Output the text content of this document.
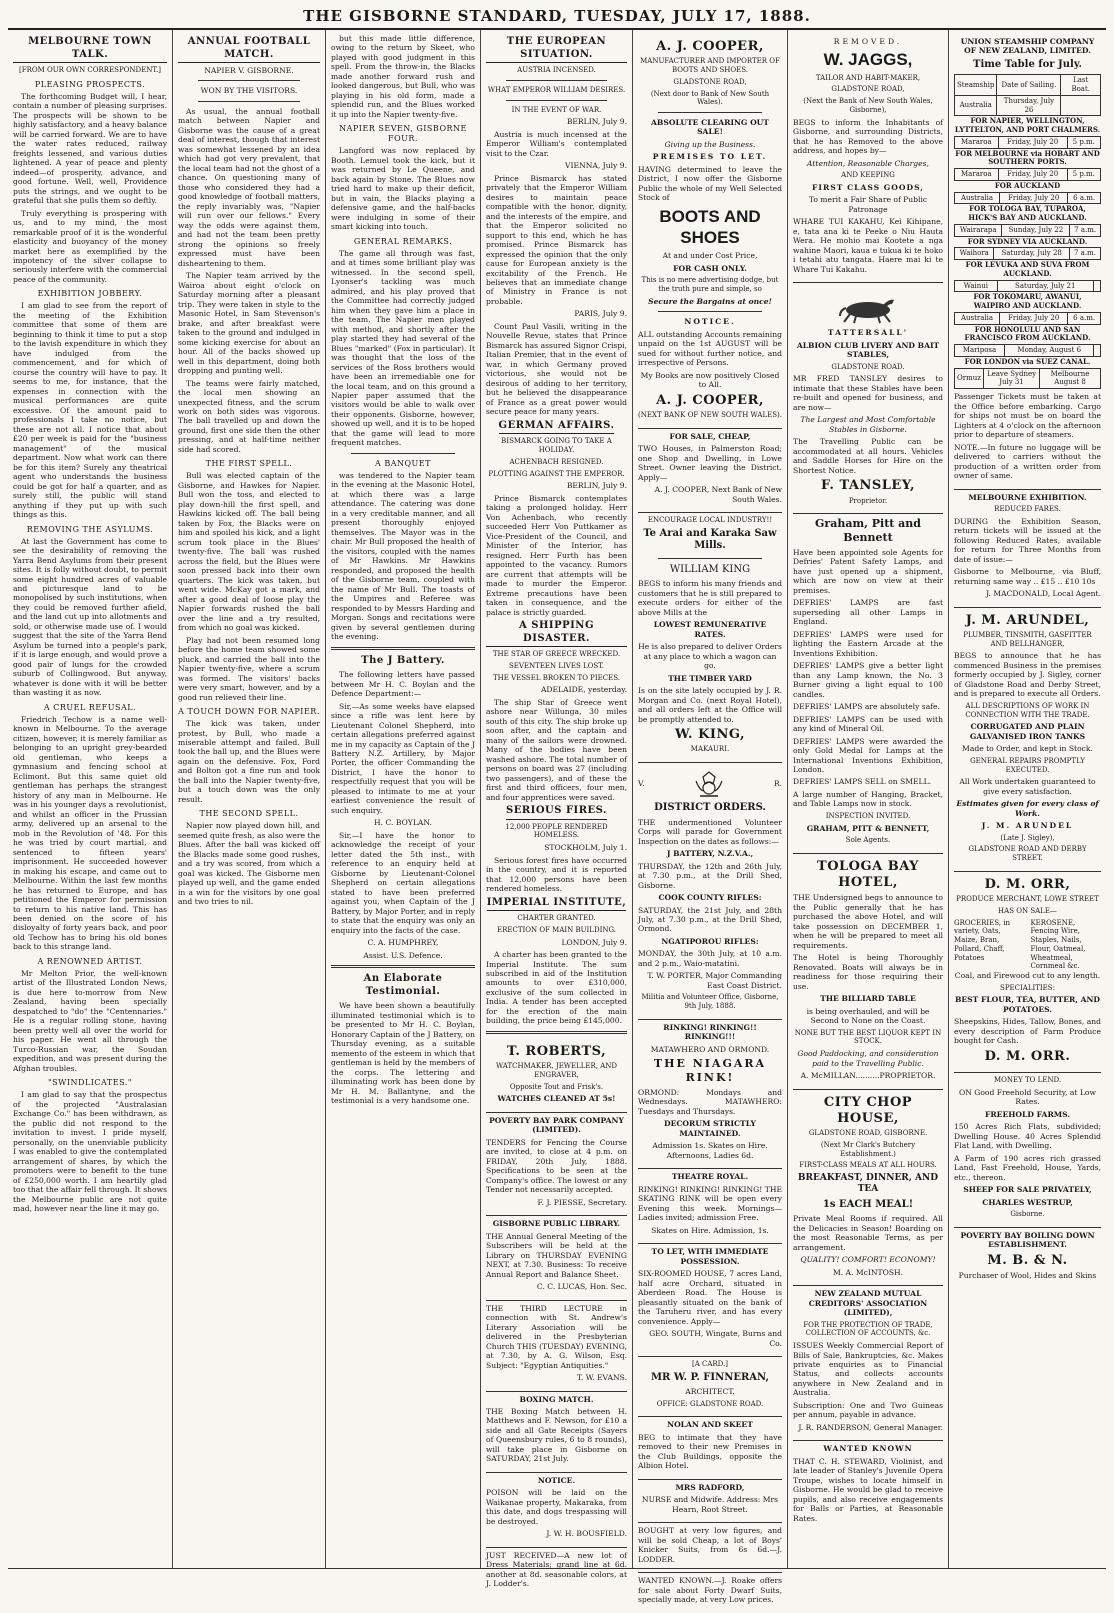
THE GISBORNE STANDARD, TUESDAY, JULY 17, 1888.
MELBOURNE TOWN TALK.

[FROM OUR OWN CORRESPONDENT.]

PLEASING PROSPECTS.

The forthcoming Budget will, I hear, contain a number of pleasing surprises. The prospects will be shown to be highly satisfactory, and a heavy balance will be carried forward. We are to have the water rates reduced, railway freights lessened, and various duties lightened. A year of peace and plenty indeed—of prosperity, advance, and good fortune. Well, well, Providence puts the strings, and we ought to be grateful that she pulls them so deftly.

Truly everything is prospering with us, and to my mind, the most remarkable proof of it is the wonderful elasticity and buoyancy of the money market here as exemplified by the impotency of the silver collapse to seriously interfere with the commercial peace of the community.

EXHIBITION JOBBERY.

I am glad to see from the report of the meeting of the Exhibition committee that some of them are beginning to think it time to put a stop to the lavish expenditure in which they have indulged from the commencement, and for which of course the country will have to pay. It seems to me, for instance, that the expenses in connection with the musical performances are quite excessive. Of the amount paid to professionals I take no notice, but these are not all. I notice that about £20 per week is paid for the "business management" of the musical department. Now what work can there be for this item? Surely any theatrical agent who understands the business could be got for half a quarter, and as surely still, the public will stand anything if they put up with such things as this.

REMOVING THE ASYLUMS.

At last the Government has come to see the desirability of removing the Yarra Bend Asylums from their present sites. It is folly without doubt, to permit some eight hundred acres of valuable and picturesque land to be monopolised by such institutions, when they could be removed further afield, and the land cut up into allotments and sold, or otherwise made use of. I would suggest that the site of the Yarra Bend Asylum be turned into a people's park, if it is large enough, and would prove a good pair of lungs for the crowded suburb of Collingwood. But anyway, whatever is done with it will be better than wasting it as now.

A CRUEL REFUSAL.

Friedrich Techow is a name well-known in Melbourne. To the average citizen, however, it is merely familiar as belonging to an upright grey-bearded old gentleman, who keeps a gymnasium and fencing school at Eclimont. But this same quiet old gentleman has perhaps the strangest history of any man in Melbourne. He was in his younger days a revolutionist, and whilst an officer in the Prussian army, delivered up an arsenal to the mob in the Revolution of '48. For this he was tried by court martial, and sentenced to fifteen years' imprisonment. He succeeded however in making his escape, and came out to Melbourne. Within the last few months he has returned to Europe, and has petitioned the Emperor for permission to return to his native land. This has been denied on the score of his disloyalty of forty years back, and poor old Techow has to bring his old bones back to this strange land.

A RENOWNED ARTIST.

Mr Melton Prior, the well-known artist of the Illustrated London News, is due here to-morrow from New Zealand, having been specially despatched to "do" the "Centennaries." He is a regular rolling stone, having been pretty well all over the world for his paper. He went all through the Turco-Russian war, the Soudan expedition, and was present during the Afghan troubles.

"SWINDLICATES."

I am glad to say that the prospectus of the projected "Australasian Exchange Co." has been withdrawn, as the public did not respond to the invitation to invest. I pride myself, personally, on the unenviable publicity I was enabled to give the contemplated arrangement of shares, by which the promoters were to benefit to the tune of £250,000 worth. I am heartily glad too that the affair fell through. It shows the Melbourne public are not quite mad, however near the line it may go.

ANNUAL FOOTBALL MATCH.

NAPIER V. GISBORNE.

WON BY THE VISITORS.

As usual, the annual football match between Napier and Gisborne was the cause of a great deal of interest, though that interest was somewhat lessened by an idea which had got very prevalent, that the local team had not the ghost of a chance. On questioning many of those who considered they had a good knowledge of football matters, the reply invariably was, "Napier will run over our fellows." Every way the odds were against them, and had not the team been pretty strong the opinions so freely expressed must have been disheartening to them.

The Napier team arrived by the Wairoa about eight o'clock on Saturday morning after a pleasant trip. They were taken in style to the Masonic Hotel, in Sam Stevenson's brake, and after breakfast were taken to the ground and indulged in some kicking exercise for about an hour. All of the backs showed up well in this department, doing both dropping and punting well.

The teams were fairly matched, the local men showing an unexpected fitness, and the scrum work on both sides was vigorous. The ball travelled up and down the ground, first one side then the other pressing, and at half-time neither side had scored.

THE FIRST SPELL.

Bull was elected captain of the Gisborne, and Hawkes for Napier. Bull won the toss, and elected to play down-hill the first spell, and Hawkins kicked off. The ball being taken by Fox, the Blacks were on him and spoiled his kick, and a light scrum took place in the Blues' twenty-five. The ball was rushed across the field, but the Blues were soon pressed back into their own quarters. The kick was taken, but went wide. McKay got a mark, and after a good deal of loose play the Napier forwards rushed the ball over the line and a try resulted, from which no goal was kicked.

Play had not been resumed long before the home team showed some pluck, and carried the ball into the Napier twenty-five, where a scrum was formed. The visitors' backs were very smart, however, and by a good run relieved their line.

A TOUCH DOWN FOR NAPIER.

The kick was taken, under protest, by Bull, who made a miserable attempt and failed. Bull took the ball up, and the Blues were again on the defensive. Fox, Ford and Bolton got a fine run and took the ball into the Napier twenty-five, but a touch down was the only result.

THE SECOND SPELL.

Napier now played down hill, and seemed quite fresh, as also were the Blues. After the ball was kicked off the Blacks made some good rushes, and a try was scored, from which a goal was kicked. The Gisborne men played up well, and the game ended in a win for the visitors by one goal and two tries to nil.

but this made little difference, owing to the return by Skeet, who played with good judgment in this spell. From the throw-in, the Blacks made another forward rush and looked dangerous, but Bull, who was playing in his old form, made a splendid run, and the Blues worked it up into the Napier twenty-five.

NAPIER SEVEN, GISBORNE FOUR.

Langford was now replaced by Booth. Lemuel took the kick, but it was returned by Le Queene, and back again by Stone. The Blues now tried hard to make up their deficit, but in vain, the Blacks playing a defensive game, and the half-backs were indulging in some of their smart kicking into touch.

GENERAL REMARKS.

The game all through was fast, and at times some brilliant play was witnessed. In the second spell, Lyonser's tackling was much admired, and his play proved that the Committee had correctly judged him when they gave him a place in the team. The Napier men played with method, and shortly after the play started they had several of the Blues "marked" (Fox in particular). It was thought that the loss of the services of the Ross brothers would have been an irremediable one for the local team, and on this ground a Napier paper assumed that the visitors would be able to walk over their opponents. Gisborne, however, showed up well, and it is to be hoped that the game will lead to more frequent matches.

A BANQUET

was tendered to the Napier team in the evening at the Masonic Hotel, at which there was a large attendance. The catering was done in a very creditable manner, and all present thoroughly enjoyed themselves. The Mayor was in the chair. Mr Bull proposed the health of the visitors, coupled with the names of Mr Hawkins. Mr Hawkins responded, and proposed the health of the Gisborne team, coupled with the name of Mr Bull. The toasts of the Umpires and Referee was responded to by Messrs Harding and Morgan. Songs and recitations were given by several gentlemen during the evening.

The J Battery.

The following letters have passed between Mr H. C. Boylan and the Defence Department:—

Sir,—As some weeks have elapsed since a rifle was lent here by Lieutenant Colonel Shepherd, into certain allegations preferred against me in my capacity as Captain of the J Battery N.Z. Artillery, by Major Porter, the officer Commanding the District, I have the honor to respectfully request that you will be pleased to intimate to me at your earliest convenience the result of such enquiry.

H. C. BOYLAN.

Sir,—I have the honor to acknowledge the receipt of your letter dated the 5th inst., with reference to an enquiry held at Gisborne by Lieutenant-Colonel Shepherd on certain allegations stated to have been preferred against you, when Captain of the J Battery, by Major Porter, and in reply to state that the enquiry was only an enquiry into the facts of the case.

C. A. HUMPHREY,

Assist. U.S. Defence.

An Elaborate Testimonial.

We have been shown a beautifully illuminated testimonial which is to be presented to Mr H. C. Boylan, Honorary Captain of the J Battery, on Thursday evening, as a suitable memento of the esteem in which that gentleman is held by the members of the corps. The lettering and illuminating work has been done by Mr H. M. Ballantyne, and the testimonial is a very handsome one.

THE EUROPEAN SITUATION.

AUSTRIA INCENSED.

WHAT EMPEROR WILLIAM DESIRES.

IN THE EVENT OF WAR.

BERLIN, July 9.

Austria is much incensed at the Emperor William's contemplated visit to the Czar.

VIENNA, July 9.

Prince Bismarck has stated privately that the Emperor William desires to maintain peace compatible with the honor, dignity, and the interests of the empire, and that the Emperor solicited no support to this end, which he has promised. Prince Bismarck has expressed the opinion that the only cause for European anxiety is the excitability of the French. He believes that an immediate change of Ministry in France is not probable.

PARIS, July 9.

Count Paul Vasili, writing in the Nouvelle Revue, states that Prince Bismarck has assured Signor Crispi, Italian Premier, that in the event of war, in which Germany proved victorious, she would not be desirous of adding to her territory, but he believed the disappearance of France as a great power would secure peace for many years.

GERMAN AFFAIRS.

BISMARCK GOING TO TAKE A HOLIDAY.

ACHENBACH RESIGNED.

PLOTTING AGAINST THE EMPEROR.

BERLIN, July 9.

Prince Bismarck contemplates taking a prolonged holiday. Herr Von Achenbach, who recently succeeded Herr Von Puttkamer as Vice-President of the Council, and Minister of the Interior, has resigned. Herr Furth has been appointed to the vacancy. Rumors are current that attempts will be made to murder the Emperor. Extreme precautions have been taken in consequence, and the palace is strictly guarded.

A SHIPPING DISASTER.

THE STAR OF GREECE WRECKED.

SEVENTEEN LIVES LOST.

THE VESSEL BROKEN TO PIECES.

ADELAIDE, yesterday.

The ship Star of Greece went ashore near Willunga, 30 miles south of this city. The ship broke up soon after, and the captain and many of the sailors were drowned. Many of the bodies have been washed ashore. The total number of persons on board was 27 (including two passengers), and of these the first and third officers, four men, and four apprentices were saved.

SERIOUS FIRES.

12,000 PEOPLE RENDERED HOMELESS.

STOCKHOLM, July 1.

Serious forest fires have occurred in the country, and it is reported that 12,000 persons have been rendered homeless.

IMPERIAL INSTITUTE,

CHARTER GRANTED.

ERECTION OF MAIN BUILDING.

LONDON, July 9.

A charter has been granted to the Imperial Institute. The sum subscribed in aid of the Institution amounts to over £310,000, exclusive of the sum collected in India. A tender has been accepted for the erection of the main building, the price being £145,000.

T. ROBERTS,

WATCHMAKER, JEWELLER, AND ENGRAVER,

Opposite Tout and Frisk's.

WATCHES CLEANED AT 5s!

POVERTY BAY PARK COMPANY (LIMITED).

TENDERS for Fencing the Course are invited, to close at 4 p.m. on FRIDAY, 20th July, 1888. Specifications to be seen at the Company's office. The lowest or any Tender not necessarily accepted.

F. J. PIESSE, Secretary.

GISBORNE PUBLIC LIBRARY.

THE Annual General Meeting of the Subscribers will be held at the Library on THURSDAY EVENING NEXT, at 7.30. Business: To receive Annual Report and Balance Sheet.

C. C. LUCAS, Hon. Sec.

THE THIRD LECTURE in connection with St. Andrew's Literary Association will be delivered in the Presbyterian Church THIS (TUESDAY) EVENING, at 7.30, by A. G. Wilson, Esq. Subject: "Egyptian Antiquities."

T. W. EVANS.

BOXING MATCH.

THE Boxing Match between H. Matthews and F. Newson, for £10 a side and all Gate Receipts (Sayers of Queensbury rules, 6 to 8 rounds), will take place in Gisborne on SATURDAY, 21st July.

NOTICE.

POISON will be laid on the Waikanae property, Makaraka, from this date, and dogs trespassing will be destroyed.

J. W. H. BOUSFIELD.

JUST RECEIVED—A new lot of Dress Materials; grand line at 6d. another at 8d. seasonable colors, at J. Lodder's.

A. J. COOPER,

MANUFACTURER AND IMPORTER OF BOOTS AND SHOES.

GLADSTONE ROAD,

(Next door to Bank of New South Wales).

ABSOLUTE CLEARING OUT SALE!

Giving up the Business.

PREMISES TO LET.

HAVING determined to leave the District, I now offer the Gisborne Public the whole of my Well Selected Stock of

BOOTS AND SHOES

At and under Cost Price,

FOR CASH ONLY.

This is no mere advertising dodge, but the truth pure and simple, so

Secure the Bargains at once!

NOTICE.

ALL outstanding Accounts remaining unpaid on the 1st AUGUST will be sued for without further notice, and irrespective of Persons.

My Books are now positively Closed to All.

A. J. COOPER,

(NEXT BANK OF NEW SOUTH WALES).

FOR SALE, CHEAP,

TWO Houses, in Palmerston Road; one Shop and Dwelling, in Lowe Street. Owner leaving the District. Apply—

A. J. COOPER, Next Bank of New South Wales.

ENCOURAGE LOCAL INDUSTRY!!

Te Arai and Karaka Saw Mills.

WILLIAM KING

BEGS to inform his many friends and customers that he is still prepared to execute orders for either of the above Mills at the

LOWEST REMUNERATIVE RATES.

He is also prepared to deliver Orders at any place to which a wagon can go.

THE TIMBER YARD

Is on the site lately occupied by J. R. Morgan and Co. (next Royal Hotel), and all orders left at the Office will be promptly attended to.

W. KING,

MAKAURI.

V.	R.

DISTRICT ORDERS.

THE undermentioned Volunteer Corps will parade for Government Inspection on the dates as follows:—

J BATTERY, N.Z.V.A.,

THURSDAY, the 12th and 26th July, at 7.30 p.m., at the Drill Shed, Gisborne.

COOK COUNTY RIFLES:

SATURDAY, the 21st July, and 28th July, at 7.30 p.m., at the Drill Shed, Ormond.

NGATIPOROU RIFLES:

MONDAY, the 30th July, at 10 a.m. and 2 p.m., Waio-matatini.

T. W. PORTER, Major Commanding East Coast District.

Militia and Volunteer Office, Gisborne, 9th July, 1888.

RINKING! RINKING!! RINKING!!!

MATAWHERO AND ORMOND.

THE NIAGARA RINK!

ORMOND: Mondays and Wednesdays. MATAWHERO: Tuesdays and Thursdays.

DECORUM STRICTLY MAINTAINED.

Admission 1s. Skates on Hire. Afternoons, Ladies 6d.

THEATRE ROYAL.

RINKING! RINKING! RINKING! THE SKATING RINK will be open every Evening this week. Mornings—Ladies invited; admission Free.

Skates on Hire. Admission, 1s.

TO LET, WITH IMMEDIATE POSSESSION.

SIX-ROOMED HOUSE, 7 acres Land, half acre Orchard, situated in Aberdeen Road. The House is pleasantly situated on the bank of the Taruheru river, and has every convenience. Apply—

GEO. SOUTH, Wingate, Burns and Co.

[A CARD.]

MR W. P. FINNERAN,

ARCHITECT,

OFFICE: GLADSTONE ROAD.

NOLAN AND SKEET

BEG to intimate that they have removed to their new Premises in the Club Buildings, opposite the Albion Hotel.

MRS RADFORD,

NURSE and Midwife. Address: Mrs Hearn, Root Street.

BOUGHT at very low figures, and will be sold Cheap, a lot of Boys' Knicker Suits, from 6s 6d.—J. LODDER.

WANTED KNOWN.—J. Roake offers for sale about Forty Dwarf Suits, specially made, at very Low prices.

REMOVED.

W. JAGGS,

TAILOR AND HABIT-MAKER,

GLADSTONE ROAD,

(Next the Bank of New South Wales, Gisborne),

BEGS to inform the Inhabitants of Gisborne, and surrounding Districts, that he has Removed to the above address, and hopes by—

Attention, Reasonable Charges,

AND KEEPING

FIRST CLASS GOODS,

To merit a Fair Share of Public Patronage

WHARE TUI KAKAHU, Kei Kihipane, e, tata ana ki te Peeke o Niu Hauta Wera. He mohio mai Kootete a nga wahine Maori, kaua e tukua ki te hoko i tetahi atu tangata. Haere mai ki te Whare Tui Kakahu.

TATTERSALL'

ALBION CLUB LIVERY AND BAIT STABLES,

GLADSTONE ROAD.

MR FRED TANSLEY desires to intimate that these Stables have been re-built and opened for business, and are now—

The Largest and Most Comfortable Stables in Gisborne.

The Travelling Public can be accommodated at all hours. Vehicles and Saddle Horses for Hire on the Shortest Notice.

F. TANSLEY,

Proprietor.

Graham, Pitt and Bennett

Have been appointed sole Agents for Defries' Patent Safety Lamps, and have just opened up a shipment, which are now on view at their premises.

DEFRIES' LAMPS are fast superseding all other Lamps in England.

DEFRIES' LAMPS were used for lighting the Eastern Arcade at the Inventions Exhibition.

DEFRIES' LAMPS give a better light than any Lamp known, the No. 3 Burner giving a light equal to 100 candles.

DEFRIES' LAMPS are absolutely safe.

DEFRIES' LAMPS can be used with any kind of Mineral Oil.

DEFRIES' LAMPS were awarded the only Gold Medal for Lamps at the International Inventions Exhibition, London.

DEFRIES' LAMPS SELL on SMELL.

A large number of Hanging, Bracket, and Table Lamps now in stock.

INSPECTION INVITED.

GRAHAM, PITT & BENNETT,

Sole Agents.

TOLOGA BAY HOTEL,

THE Undersigned begs to announce to the Public generally that he has purchased the above Hotel, and will take possession on DECEMBER 1, when he will be prepared to meet all requirements.

The Hotel is being Thoroughly Renovated. Boats will always be in readiness for those requiring their use.

THE BILLIARD TABLE

is being overhauled, and will be Second to None on the Coast.

NONE BUT THE BEST LIQUOR KEPT IN STOCK.

Good Paddocking, and consideration paid to the Travelling Public.

A. McMILLAN..........PROPRIETOR.

CITY CHOP HOUSE,

GLADSTONE ROAD, GISBORNE.

(Next Mr Clark's Butchery Establishment.)

FIRST-CLASS MEALS AT ALL HOURS.

BREAKFAST, DINNER, AND TEA

1s EACH MEAL!

Private Meal Rooms if required. All the Delicacies in Season! Boarding on the most Reasonable Terms, as per arrangement.

QUALITY! COMFORT! ECONOMY!

M. A. McINTOSH.

NEW ZEALAND MUTUAL CREDITORS' ASSOCIATION (LIMITED),

FOR THE PROTECTION OF TRADE, COLLECTION OF ACCOUNTS, &c.

ISSUES Weekly Commercial Report of Bills of Sale, Bankruptcies, &c. Makes private enquiries as to Financial Status, and collects accounts anywhere in New Zealand and in Australia.

Subscription: One and Two Guineas per annum, payable in advance.

J. R. RANDERSON, General Manager.

WANTED KNOWN

THAT C. H. STEWARD, Violinist, and late leader of Stanley's Juvenile Opera Troupe, wishes to locate himself in Gisborne. He would be glad to receive pupils, and also receive engagements for Balls or Parties, at Reasonable Rates.

UNION STEAMSHIP COMPANY OF NEW ZEALAND, LIMITED.

Time Table for July.

Steamship	Date of Sailing.	Last Boat.
Australia	Thursday, July 26	

FOR NAPIER, WELLINGTON, LYTTELTON, AND PORT CHALMERS.

Mararoa	Friday, July 20	5 p.m.

FOR MELBOURNE via HOBART AND SOUTHERN PORTS.

Mararoa	Friday, July 20	5 p.m.

FOR AUCKLAND

Australia	Friday, July 20	6 a.m.

FOR TOLOGA BAY, TUPAROA, HICK'S BAY AND AUCKLAND.

Wairarapa	Sunday, July 22	7 a.m.

FOR SYDNEY VIA AUCKLAND.

Waihora	Saturday, July 28	7 a.m.

FOR LEVUKA AND SUVA FROM AUCKLAND.

Wainui	Saturday, July 21	

FOR TOKOMARU, AWANUI, WAIPIRO AND AUCKLAND.

Australia	Friday, July 20	6 a.m.

FOR HONOLULU AND SAN FRANCISCO FROM AUCKLAND.

Mariposa	Monday, August 6	

FOR LONDON via SUEZ CANAL.

Ormuz	Leave Sydney July 31	Melbourne August 8

Passenger Tickets must be taken at the Office before embarking. Cargo for ships not must be on board the Lighters at 4 o'clock on the afternoon prior to departure of steamers.

NOTE.—In future no luggage will be delivered to carriers without the production of a written order from owner of same.

MELBOURNE EXHIBITION.

REDUCED FARES.

DURING the Exhibition Season, return tickets will be issued at the following Reduced Rates, available for return for Three Months from date of issue:—

Gisborne to Melbourne, via Bluff, returning same way .. £15 .. £10 10s

J. MACDONALD, Local Agent.

J. M. ARUNDEL,

PLUMBER, TINSMITH, GASFITTER AND BELLHANGER,

BEGS to announce that he has commenced Business in the premises formerly occupied by J. Sigley, corner of Gladstone Road and Derby Street, and is prepared to execute all Orders.

ALL DESCRIPTIONS OF WORK IN CONNECTION WITH THE TRADE.

CORRUGATED AND PLAIN GALVANISED IRON TANKS

Made to Order, and kept in Stock.

GENERAL REPAIRS PROMPTLY EXECUTED.

All Work undertaken guaranteed to give every satisfaction.

Estimates given for every class of Work.

J. M. ARUNDEL

(Late J. Sigley),

GLADSTONE ROAD AND DERBY STREET.

D. M. ORR,

PRODUCE MERCHANT, LOWE STREET

HAS ON SALE—

GROCERIES, in variety, Oats, Maize, Bran, Pollard, Chaff, Potatoes
KEROSENE, Fencing Wire, Staples, Nails, Flour, Oatmeal, Wheatmeal, Cornmeal &c.

Coal, and Firewood cut to any length.

SPECIALITIES:

BEST FLOUR, TEA, BUTTER, AND POTATOES.

Sheepskins, Hides, Tallow, Bones, and every description of Farm Produce bought for Cash.

D. M. ORR.

MONEY TO LEND.

ON Good Freehold Security, at Low Rates.

FREEHOLD FARMS.

150 Acres Rich Flats, subdivided; Dwelling House. 40 Acres Splendid Flat Land, with Dwelling.

A Farm of 190 acres rich grassed Land, Fast Freehold, House, Yards, etc., thereon.

SHEEP FOR SALE PRIVATELY,

CHARLES WESTRUP,

Gisborne.

POVERTY BAY BOILING DOWN ESTABLISHMENT.

M. B. & N.

Purchaser of Wool, Hides and Skins
